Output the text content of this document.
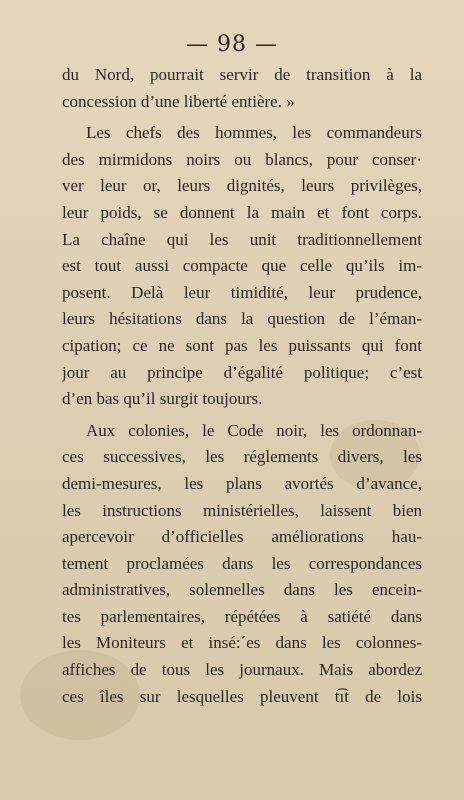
— 98 —
du Nord, pourrait servir de transition à la
concession d’une liberté entière. »
Les chefs des hommes, les commandeurs
des mirmidons noirs ou blancs, pour conser·
ver leur or, leurs dignités, leurs privilèges,
leur poids, se donnent la main et font corps.
La chaîne qui les unit traditionnellement
est tout aussi compacte que celle qu’ils im-
posent. Delà leur timidité, leur prudence,
leurs hésitations dans la question de l’éman-
cipation; ce ne sont pas les puissants qui font
jour au principe d’égalité politique; c’est
d’en bas qu’il surgit toujours.
Aux colonies, le Code noir, les ordonnan-
ces successives, les réglements divers, les
demi-mesures, les plans avortés d’avance,
les instructions ministérielles, laissent bien
apercevoir d’officielles améliorations hau-
tement proclamées dans les correspondances
administratives, solennelles dans les encein-
tes parlementaires, répétées à satiété dans
les Moniteurs et insé:´es dans les colonnes-
affiches de tous les journaux. Mais abordez
ces îles sur lesquelles pleuvent t͡ıt de lois
